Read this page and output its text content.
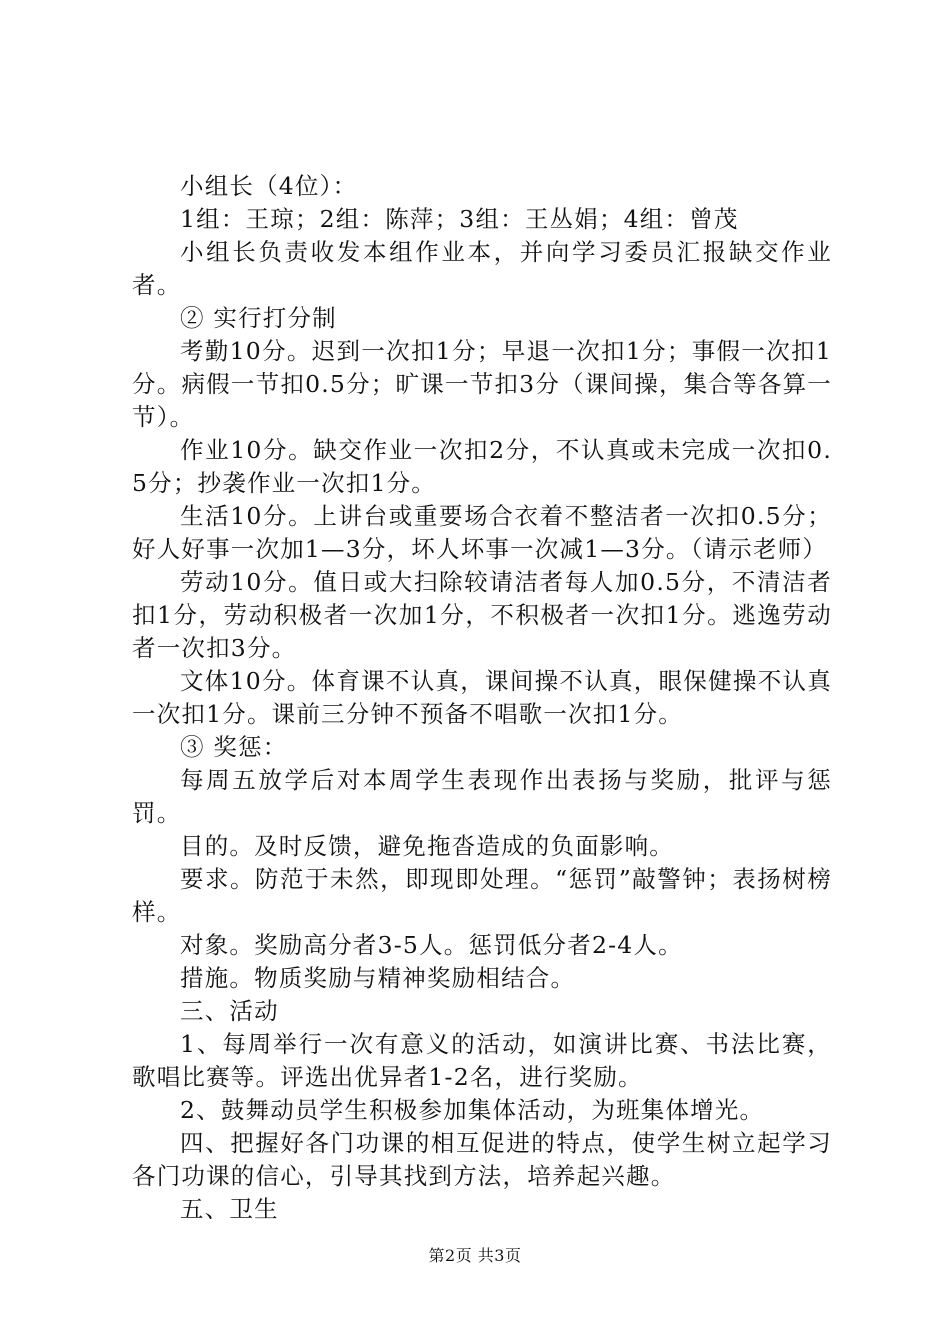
小组长（4位）：

1组：王琼；2组：陈萍；3组：王丛娟；4组：曾茂

小组长负责收发本组作业本，并向学习委员汇报缺交作业者。

② 实行打分制

考勤10分。迟到一次扣1分；早退一次扣1分；事假一次扣1分。病假一节扣0.5分；旷课一节扣3分（课间操，集合等各算一节）。

作业10分。缺交作业一次扣2分，不认真或未完成一次扣0.5分；抄袭作业一次扣1分。

生活10分。上讲台或重要场合衣着不整洁者一次扣0.5分；好人好事一次加1—3分，坏人坏事一次减1—3分。（请示老师）

劳动10分。值日或大扫除较请洁者每人加0.5分，不清洁者扣1分，劳动积极者一次加1分，不积极者一次扣1分。逃逸劳动者一次扣3分。

文体10分。体育课不认真，课间操不认真，眼保健操不认真一次扣1分。课前三分钟不预备不唱歌一次扣1分。

③ 奖惩：

每周五放学后对本周学生表现作出表扬与奖励，批评与惩罚。

目的。及时反馈，避免拖沓造成的负面影响。

要求。防范于未然，即现即处理。“惩罚”敲警钟；表扬树榜样。

对象。奖励高分者3-5人。惩罚低分者2-4人。

措施。物质奖励与精神奖励相结合。

三、活动

1、每周举行一次有意义的活动，如演讲比赛、书法比赛，歌唱比赛等。评选出优异者1-2名，进行奖励。

2、鼓舞动员学生积极参加集体活动，为班集体增光。

四、把握好各门功课的相互促进的特点，使学生树立起学习各门功课的信心，引导其找到方法，培养起兴趣。

五、卫生

第2页 共3页
